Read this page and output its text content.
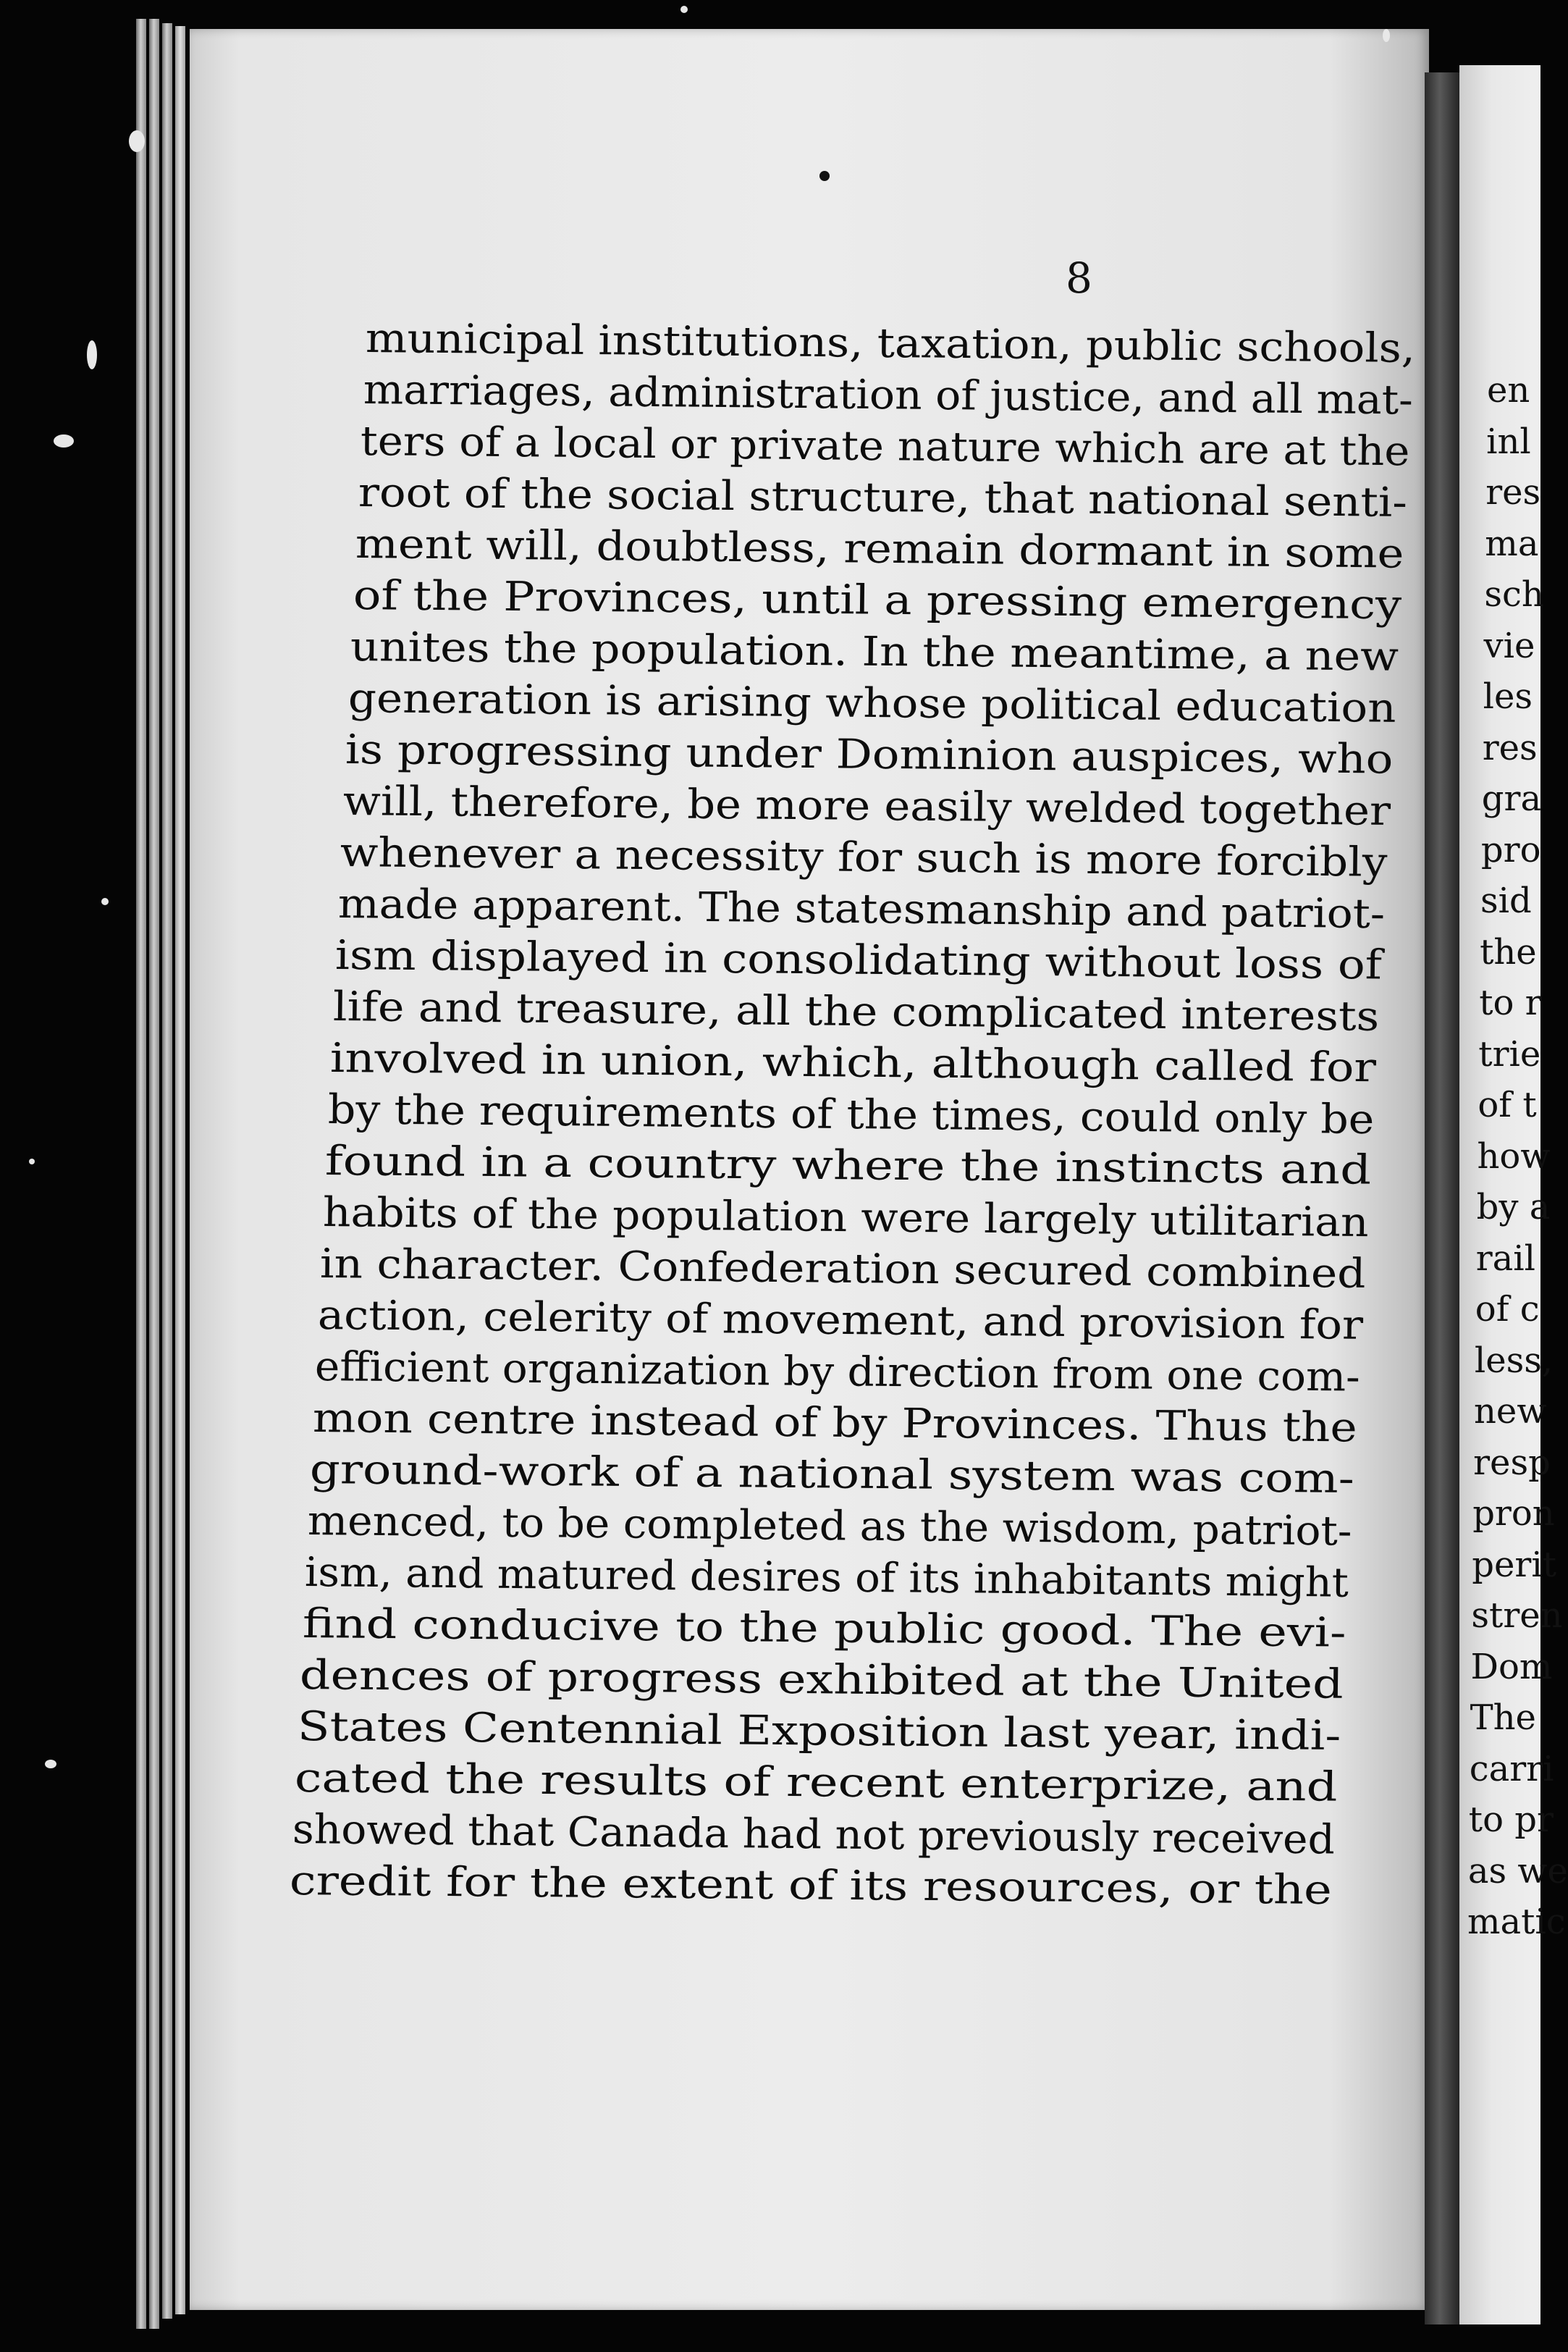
8
municipal institutions, taxation, public schools,
marriages, administration of justice, and all mat-
ters of a local or private nature which are at the
root of the social structure, that national senti-
ment will, doubtless, remain dormant in some
of the Provinces, until a pressing emergency
unites the population. In the meantime, a new
generation is arising whose political education
is progressing under Dominion auspices, who
will, therefore, be more easily welded together
whenever a necessity for such is more forcibly
made apparent. The statesmanship and patriot-
ism displayed in consolidating without loss of
life and treasure, all the complicated interests
involved in union, which, although called for
by the requirements of the times, could only be
found in a country where the instincts and
habits of the population were largely utilitarian
in character. Confederation secured combined
action, celerity of movement, and provision for
efficient organization by direction from one com-
mon centre instead of by Provinces. Thus the
ground-work of a national system was com-
menced, to be completed as the wisdom, patriot-
ism, and matured desires of its inhabitants might
find conducive to the public good. The evi-
dences of progress exhibited at the United
States Centennial Exposition last year, indi-
cated the results of recent enterprize, and
showed that Canada had not previously received
credit for the extent of its resources, or the
en
inl
res
ma
sch
vie
les
res
gra
pro
sid
the
to r
trie
of t
how
by a
rail
of c
less,
new
resp
pron
perit
stren
Dom
The
carri
to pr
as we
matic
